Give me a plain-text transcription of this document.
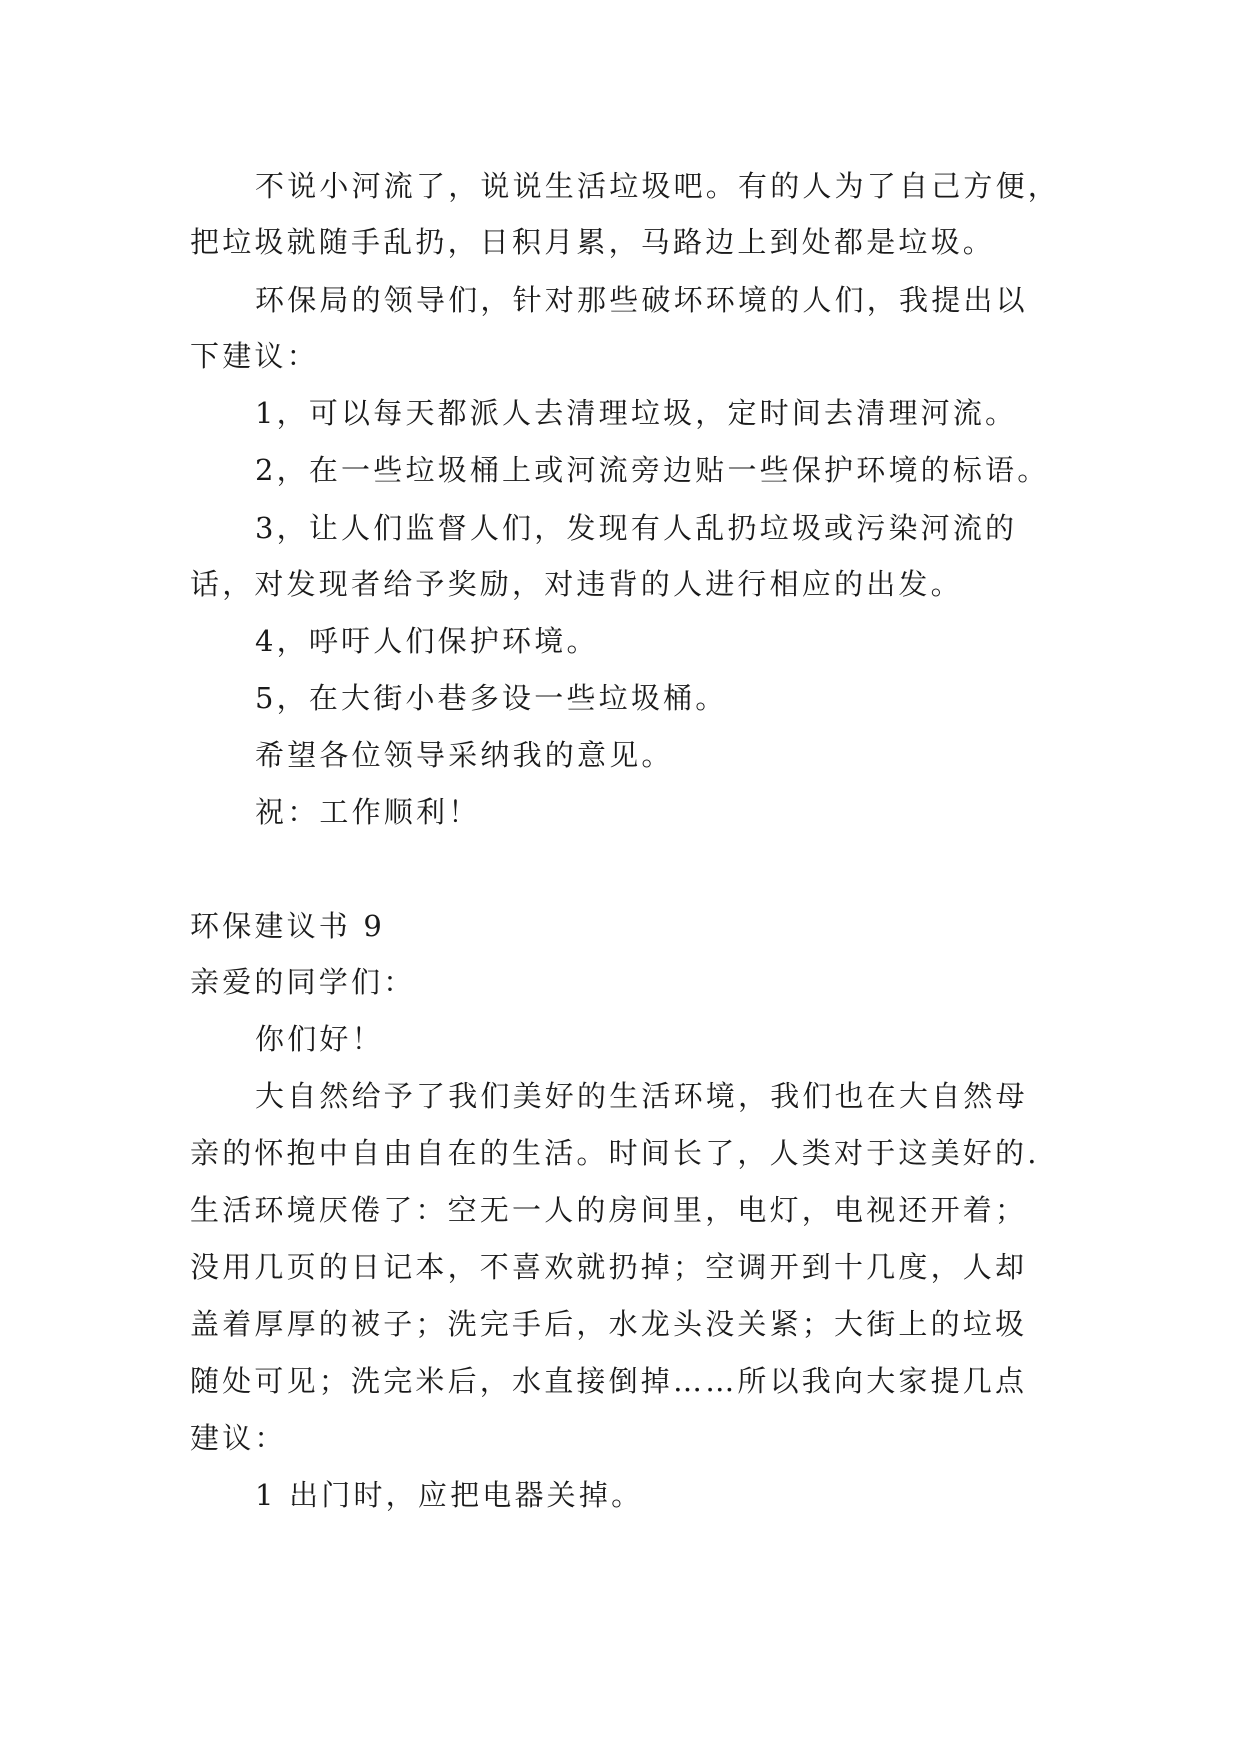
不说小河流了，说说生活垃圾吧。有的人为了自己方便，
把垃圾就随手乱扔，日积月累，马路边上到处都是垃圾。
环保局的领导们，针对那些破坏环境的人们，我提出以
下建议：
1，可以每天都派人去清理垃圾，定时间去清理河流。
2，在一些垃圾桶上或河流旁边贴一些保护环境的标语。
3，让人们监督人们，发现有人乱扔垃圾或污染河流的
话，对发现者给予奖励，对违背的人进行相应的出发。
4，呼吁人们保护环境。
5，在大街小巷多设一些垃圾桶。
希望各位领导采纳我的意见。
祝：工作顺利！
环保建议书 9
亲爱的同学们：
你们好！
大自然给予了我们美好的生活环境，我们也在大自然母
亲的怀抱中自由自在的生活。时间长了，人类对于这美好的.
生活环境厌倦了：空无一人的房间里，电灯，电视还开着；
没用几页的日记本，不喜欢就扔掉；空调开到十几度，人却
盖着厚厚的被子；洗完手后，水龙头没关紧；大街上的垃圾
随处可见；洗完米后，水直接倒掉……所以我向大家提几点
建议：
1 出门时，应把电器关掉。
